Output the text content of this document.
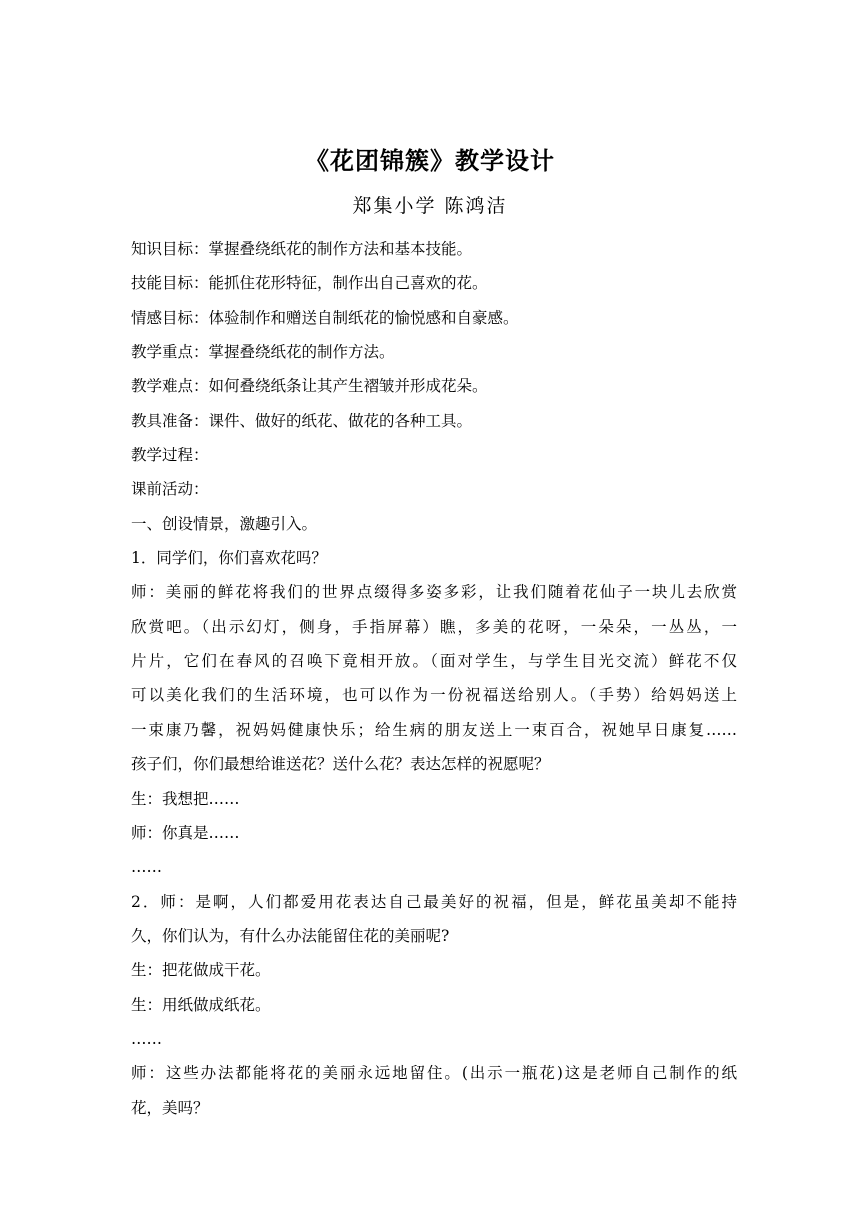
《花团锦簇》教学设计
郑集小学 陈鸿洁
知识目标：掌握叠绕纸花的制作方法和基本技能。
技能目标：能抓住花形特征，制作出自己喜欢的花。
情感目标：体验制作和赠送自制纸花的愉悦感和自豪感。
教学重点：掌握叠绕纸花的制作方法。
教学难点：如何叠绕纸条让其产生褶皱并形成花朵。
教具准备：课件、做好的纸花、做花的各种工具。
教学过程：
课前活动：
一、创设情景，激趣引入。
1．同学们，你们喜欢花吗？
师：美丽的鲜花将我们的世界点缀得多姿多彩，让我们随着花仙子一块儿去欣赏
欣赏吧。（出示幻灯，侧身，手指屏幕）瞧，多美的花呀，一朵朵，一丛丛，一
片片，它们在春风的召唤下竟相开放。（面对学生，与学生目光交流）鲜花不仅
可以美化我们的生活环境，也可以作为一份祝福送给别人。（手势）给妈妈送上
一束康乃馨，祝妈妈健康快乐；给生病的朋友送上一束百合，祝她早日康复……
孩子们，你们最想给谁送花？送什么花？表达怎样的祝愿呢？
生：我想把……
师：你真是……
……
2．师：是啊，人们都爱用花表达自己最美好的祝福，但是，鲜花虽美却不能持
久，你们认为，有什么办法能留住花的美丽呢?
生：把花做成干花。
生：用纸做成纸花。
……
师：这些办法都能将花的美丽永远地留住。(出示一瓶花)这是老师自己制作的纸
花，美吗？
